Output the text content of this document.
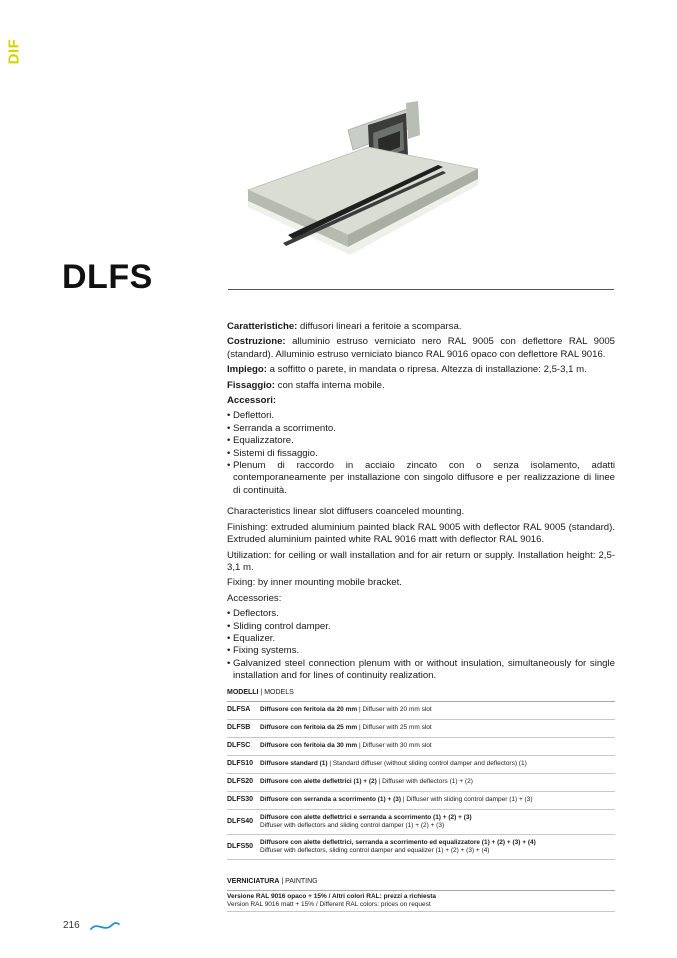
DIF
DLFS

Caratteristiche: diffusori lineari a feritoie a scomparsa.

Costruzione: alluminio estruso verniciato nero RAL 9005 con deflettore RAL 9005 (standard). Alluminio estruso verniciato bianco RAL 9016 opaco con deflettore RAL 9016.

Impiego: a soffitto o parete, in mandata o ripresa. Altezza di installazione: 2,5-3,1 m.

Fissaggio: con staffa interna mobile.

Accessori:

• Deflettori.
• Serranda a scorrimento.
• Equalizzatore.
• Sistemi di fissaggio.
• Plenum di raccordo in acciaio zincato con o senza isolamento, adatti contemporaneamente per installazione con singolo diffusore e per realizzazione di linee di continuità.

Characteristics linear slot diffusers coanceled mounting.

Finishing: extruded aluminium painted black RAL 9005 with deflector RAL 9005 (standard). Extruded aluminium painted white RAL 9016 matt with deflector RAL 9016.

Utilization: for ceiling or wall installation and for air return or supply. Installation height: 2,5-3,1 m.

Fixing: by inner mounting mobile bracket.

Accessories:

• Deflectors.
• Sliding control damper.
• Equalizer.
• Fixing systems.
• Galvanized steel connection plenum with or without insulation, simultaneously for single installation and for lines of continuity realization.
MODELLI | MODELS
DLFSA	Diffusore con feritoia da 20 mm | Diffuser with 20 mm slot
DLFSB	Diffusore con feritoia da 25 mm | Diffuser with 25 mm slot
DLFSC	Diffusore con feritoia da 30 mm | Diffuser with 30 mm slot
DLFS10	Diffusore standard (1) | Standard diffuser (without sliding control damper and deflectors) (1)
DLFS20	Diffusore con alette deflettrici (1) + (2) | Diffuser with deflectors (1) + (2)
DLFS30	Diffusore con serranda a scorrimento (1) + (3) | Diffuser with sliding control damper (1) + (3)
DLFS40
Diffusore con alette deflettrici e serranda a scorrimento (1) + (2) + (3)
Diffuser with deflectors and sliding control damper (1) + (2) + (3)
DLFS50
Diffusore con alette deflettrici, serranda a scorrimento ed equalizzatore (1) + (2) + (3) + (4)
Diffuser with deflectors, sliding control damper and equalizer (1) + (2) + (3) + (4)
VERNICIATURA | PAINTING
Versione RAL 9016 opaco + 15% / Altri colori RAL: prezzi a richiesta
Version RAL 9016 matt + 15% / Different RAL colors: prices on request
216
